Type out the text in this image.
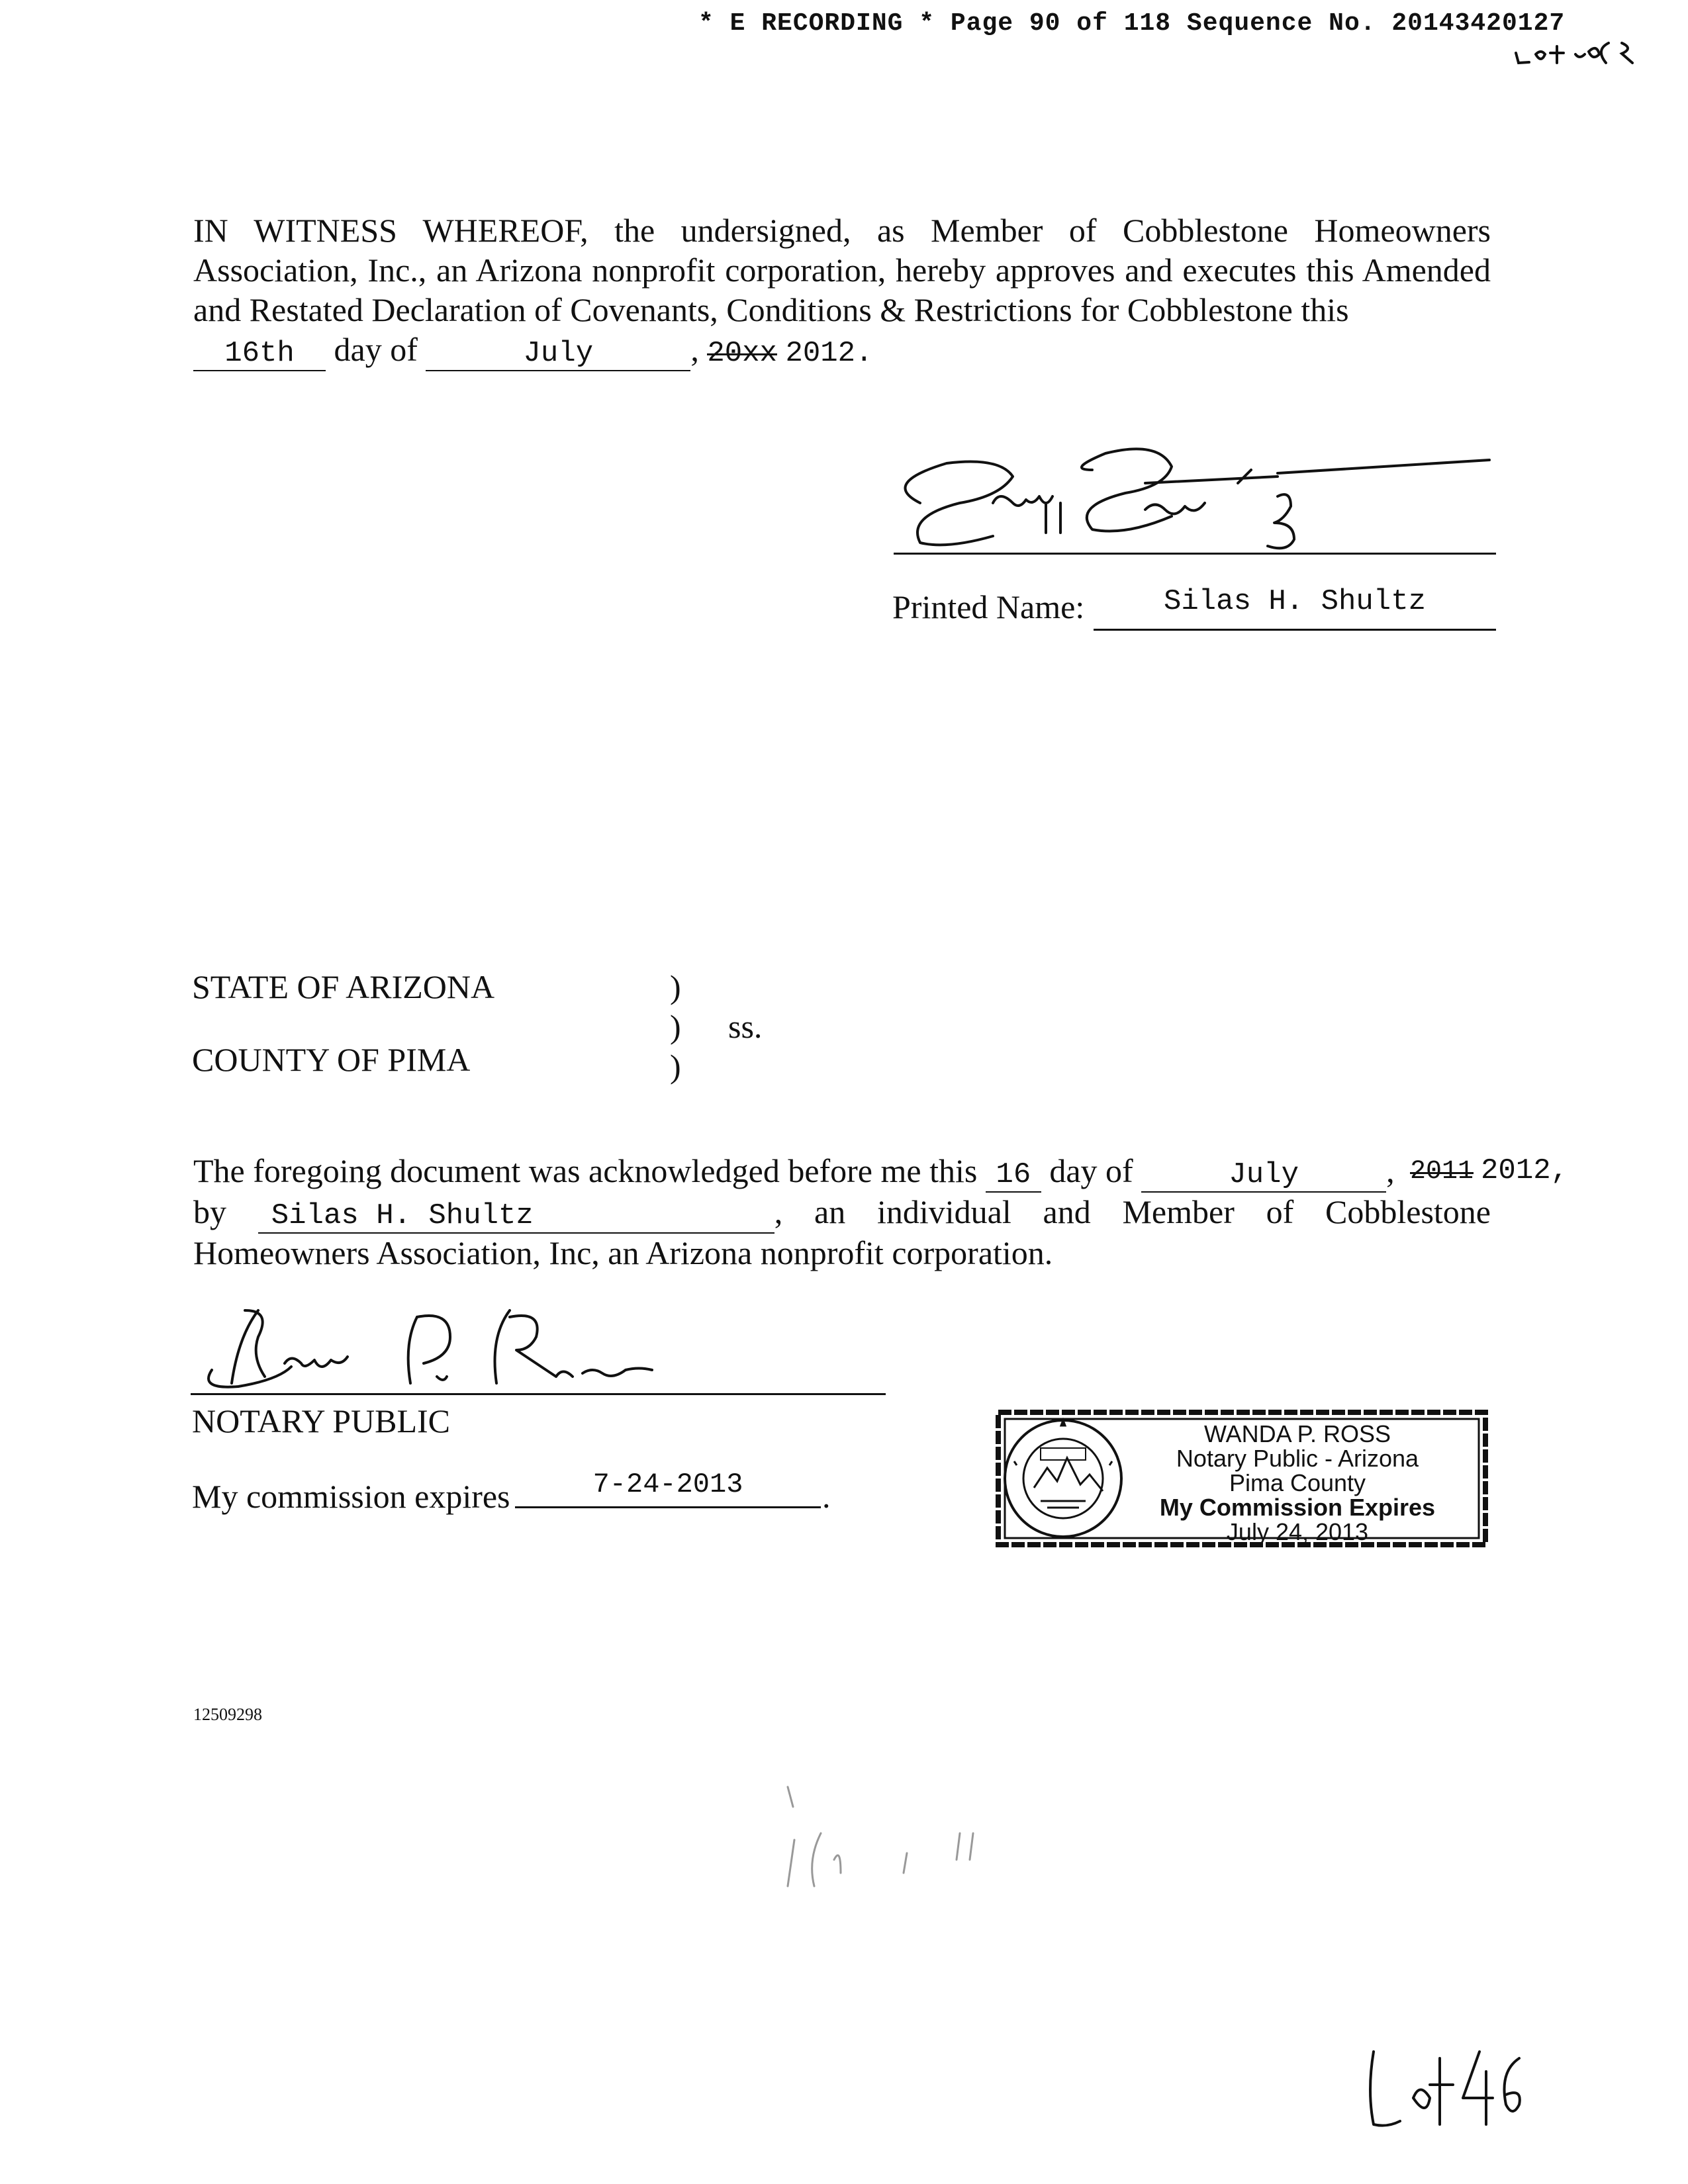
* E RECORDING * Page 90 of 118 Sequence No. 20143420127
IN WITNESS WHEREOF, the undersigned, as Member of Cobblestone Homeowners Association, Inc., an Arizona nonprofit corporation, hereby approves and executes this Amended and Restated Declaration of Covenants, Conditions & Restrictions for Cobblestone this
16th day of	July	, 20xx 2012.
Printed Name:	Silas H. Shultz
STATE OF ARIZONA
COUNTY OF PIMA
)
)
)
ss.
The foregoing document was acknowledged before me this 16 day of	July	,
by Silas H. Shultz	, an individual and Member of Cobblestone Homeowners Association, Inc, an Arizona nonprofit corporation.
2011 2012,
NOTARY PUBLIC
My commission expires	7-24-2013	.
WANDA P. ROSS
Notary Public - Arizona
Pima County
My Commission Expires
July 24, 2013
12509298
